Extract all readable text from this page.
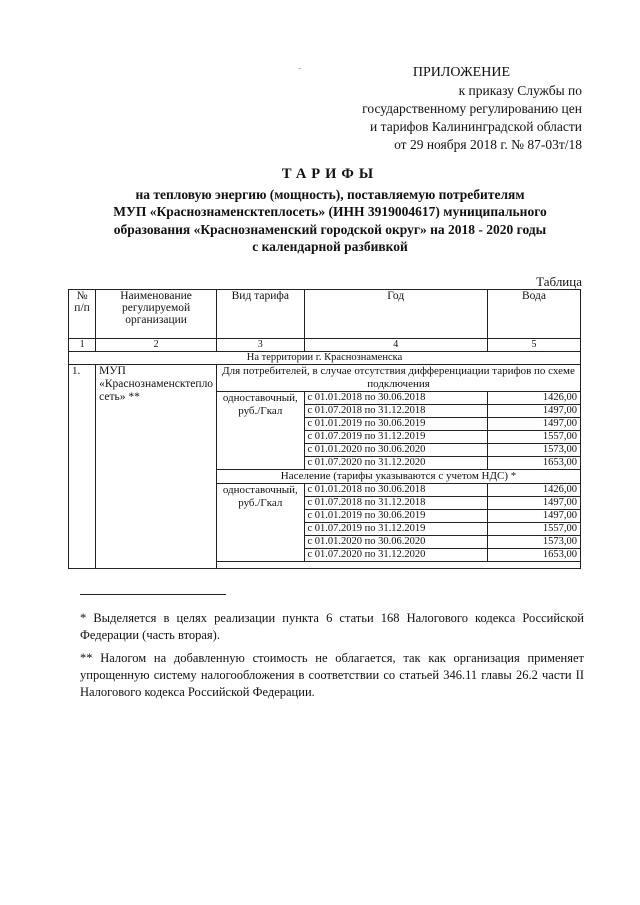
ˉ	ПРИЛОЖЕНИЕ
к приказу Службы по
государственному регулированию цен
и тарифов Калининградской области
от 29 ноября 2018 г. № 87-03т/18
ТАРИФЫ
на тепловую энергию (мощность), поставляемую потребителям
МУП «Краснознаменсктеплосеть» (ИНН 3919004617) муниципального
образования «Краснознаменский городской округ» на 2018 - 2020 годы
с календарной разбивкой
Таблица
№ п/п	Наименование регулируемой организации	Вид тарифа	Год	Вода
1	2	3	4	5
На территории г. Краснознаменска				
1.	МУП «Краснознаменсктепло сеть» **	Для потребителей, в случае отсутствия дифференциации тарифов по схеме подключения		
		одноставочный, руб./Гкал	с 01.01.2018 по 30.06.2018	1426,00
			с 01.07.2018 по 31.12.2018	1497,00
			с 01.01.2019 по 30.06.2019	1497,00
			с 01.07.2019 по 31.12.2019	1557,00
			с 01.01.2020 по 30.06.2020	1573,00
			с 01.07.2020 по 31.12.2020	1653,00
		Население (тарифы указываются с учетом НДС) *		
		одноставочный, руб./Гкал	с 01.01.2018 по 30.06.2018	1426,00
			с 01.07.2018 по 31.12.2018	1497,00
			с 01.01.2019 по 30.06.2019	1497,00
			с 01.07.2019 по 31.12.2019	1557,00
			с 01.01.2020 по 30.06.2020	1573,00
			с 01.07.2020 по 31.12.2020	1653,00

* Выделяется в целях реализации пункта 6 статьи 168 Налогового кодекса Российской Федерации (часть вторая).

** Налогом на добавленную стоимость не облагается, так как организация применяет упрощенную систему налогообложения в соответствии со статьей 346.11 главы 26.2 части II Налогового кодекса Российской Федерации.
